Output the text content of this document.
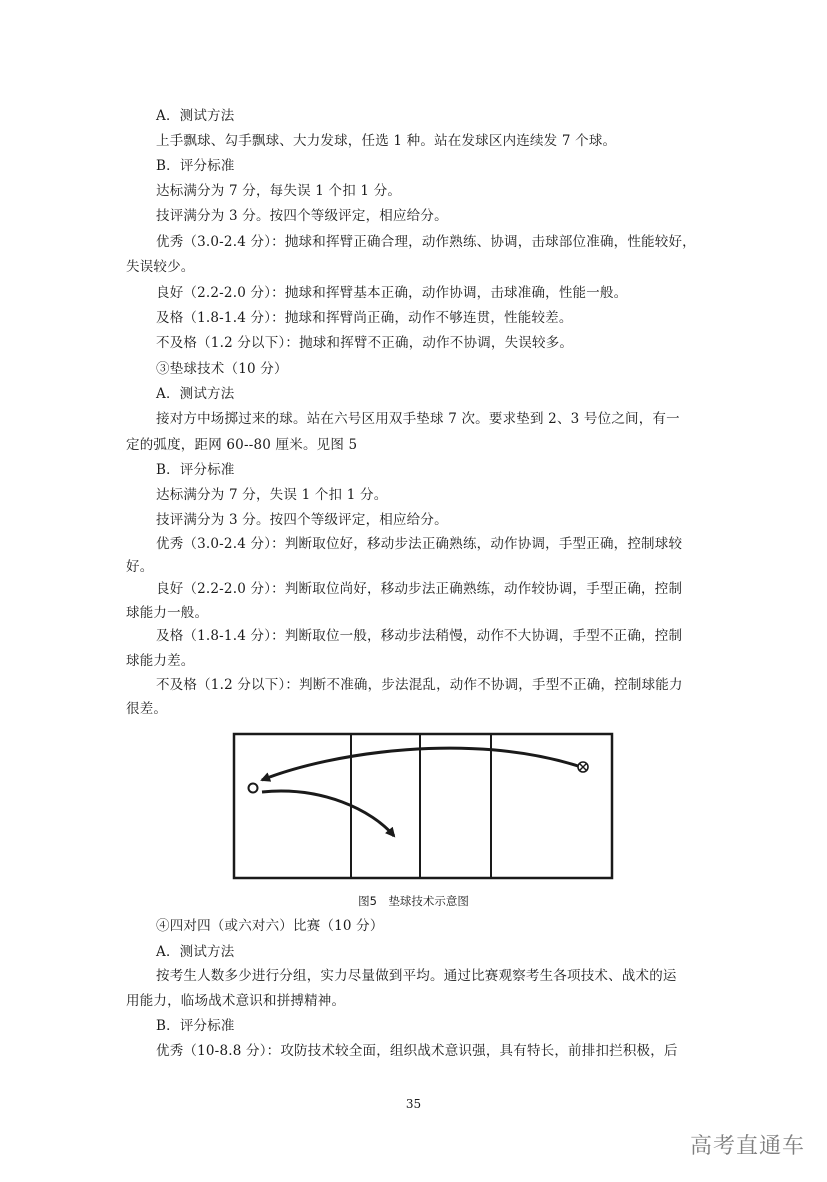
A．测试方法
上手飘球、勾手飘球、大力发球，任选 1 种。站在发球区内连续发 7 个球。
B．评分标准
达标满分为 7 分，每失误 1 个扣 1 分。
技评满分为 3 分。按四个等级评定，相应给分。
优秀（3.0-2.4 分）：抛球和挥臂正确合理，动作熟练、协调，击球部位准确，性能较好，
失误较少。
良好（2.2-2.0 分）：抛球和挥臂基本正确，动作协调，击球准确，性能一般。
及格（1.8-1.4 分）：抛球和挥臂尚正确，动作不够连贯，性能较差。
不及格（1.2 分以下）：抛球和挥臂不正确，动作不协调，失误较多。
③垫球技术（10 分）
A．测试方法
接对方中场掷过来的球。站在六号区用双手垫球 7 次。要求垫到 2、3 号位之间，有一
定的弧度，距网 60--80 厘米。见图 5
B．评分标准
达标满分为 7 分，失误 1 个扣 1 分。
技评满分为 3 分。按四个等级评定，相应给分。
优秀（3.0-2.4 分）：判断取位好，移动步法正确熟练，动作协调，手型正确，控制球较
好。
良好（2.2-2.0 分）：判断取位尚好，移动步法正确熟练，动作较协调，手型正确，控制
球能力一般。
及格（1.8-1.4 分）：判断取位一般，移动步法稍慢，动作不大协调，手型不正确，控制
球能力差。
不及格（1.2 分以下）：判断不准确，步法混乱，动作不协调，手型不正确，控制球能力
很差。
图5　垫球技术示意图
④四对四（或六对六）比赛（10 分）
A．测试方法
按考生人数多少进行分组，实力尽量做到平均。通过比赛观察考生各项技术、战术的运
用能力，临场战术意识和拼搏精神。
B．评分标准
优秀（10-8.8 分）：攻防技术较全面，组织战术意识强，具有特长，前排扣拦积极，后
35
高考直通车
